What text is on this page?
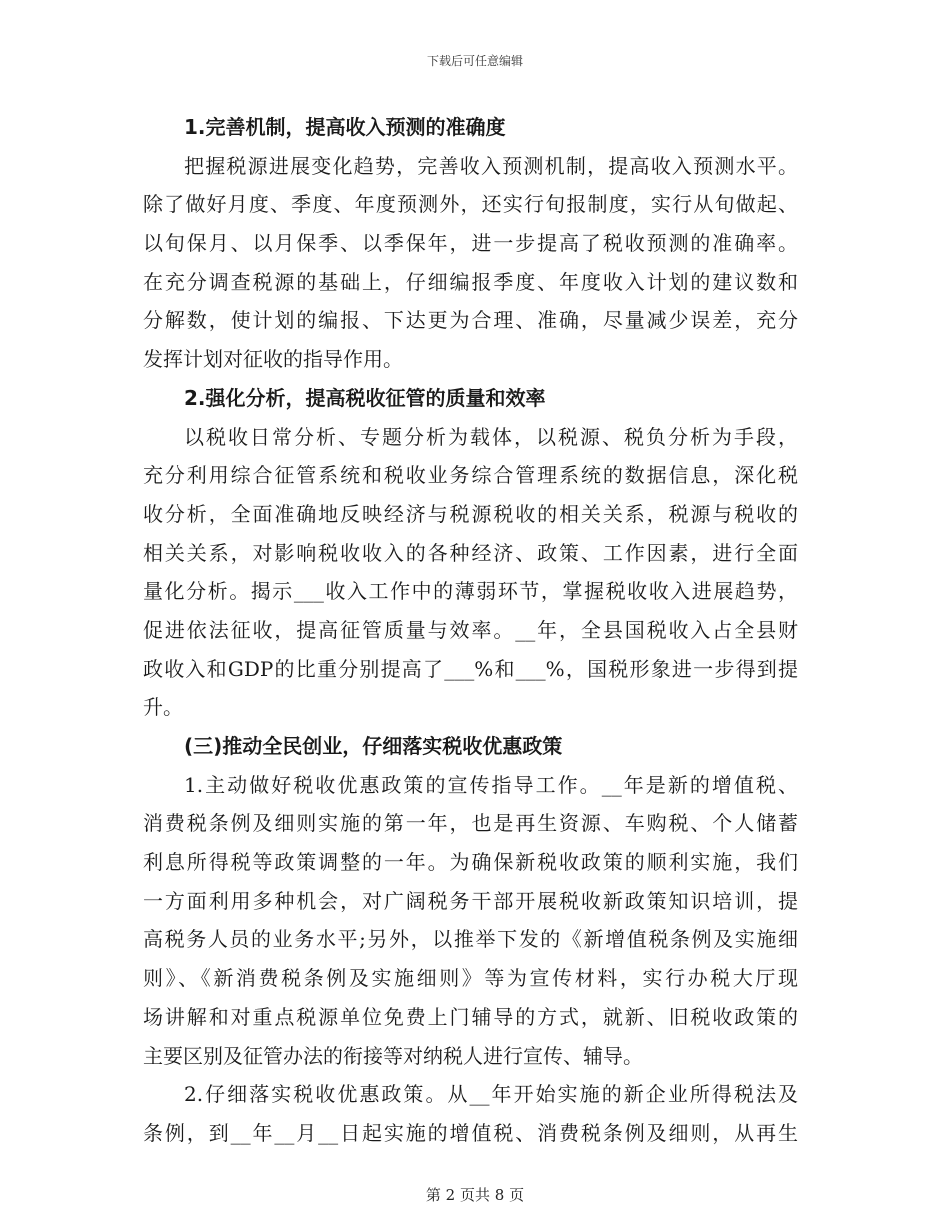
下载后可任意编辑
1.完善机制，提高收入预测的准确度
把握税源进展变化趋势，完善收入预测机制，提高收入预测水平。
除了做好月度、季度、年度预测外，还实行旬报制度，实行从旬做起、
以旬保月、以月保季、以季保年，进一步提高了税收预测的准确率。
在充分调查税源的基础上，仔细编报季度、年度收入计划的建议数和
分解数，使计划的编报、下达更为合理、准确，尽量减少误差，充分
发挥计划对征收的指导作用。
2.强化分析，提高税收征管的质量和效率
以税收日常分析、专题分析为载体，以税源、税负分析为手段，
充分利用综合征管系统和税收业务综合管理系统的数据信息，深化税
收分析，全面准确地反映经济与税源税收的相关关系，税源与税收的
相关关系，对影响税收收入的各种经济、政策、工作因素，进行全面
量化分析。揭示___收入工作中的薄弱环节，掌握税收收入进展趋势，
促进依法征收，提高征管质量与效率。__年，全县国税收入占全县财
政收入和GDP的比重分别提高了___%和___%，国税形象进一步得到提
升。
(三)推动全民创业，仔细落实税收优惠政策
1.主动做好税收优惠政策的宣传指导工作。__年是新的增值税、
消费税条例及细则实施的第一年，也是再生资源、车购税、个人储蓄
利息所得税等政策调整的一年。为确保新税收政策的顺利实施，我们
一方面利用多种机会，对广阔税务干部开展税收新政策知识培训，提
高税务人员的业务水平;另外，以推举下发的《新增值税条例及实施细
则》、《新消费税条例及实施细则》等为宣传材料，实行办税大厅现
场讲解和对重点税源单位免费上门辅导的方式，就新、旧税收政策的
主要区别及征管办法的衔接等对纳税人进行宣传、辅导。
2.仔细落实税收优惠政策。从__年开始实施的新企业所得税法及
条例，到__年__月__日起实施的增值税、消费税条例及细则，从再生
第 2 页共 8 页
